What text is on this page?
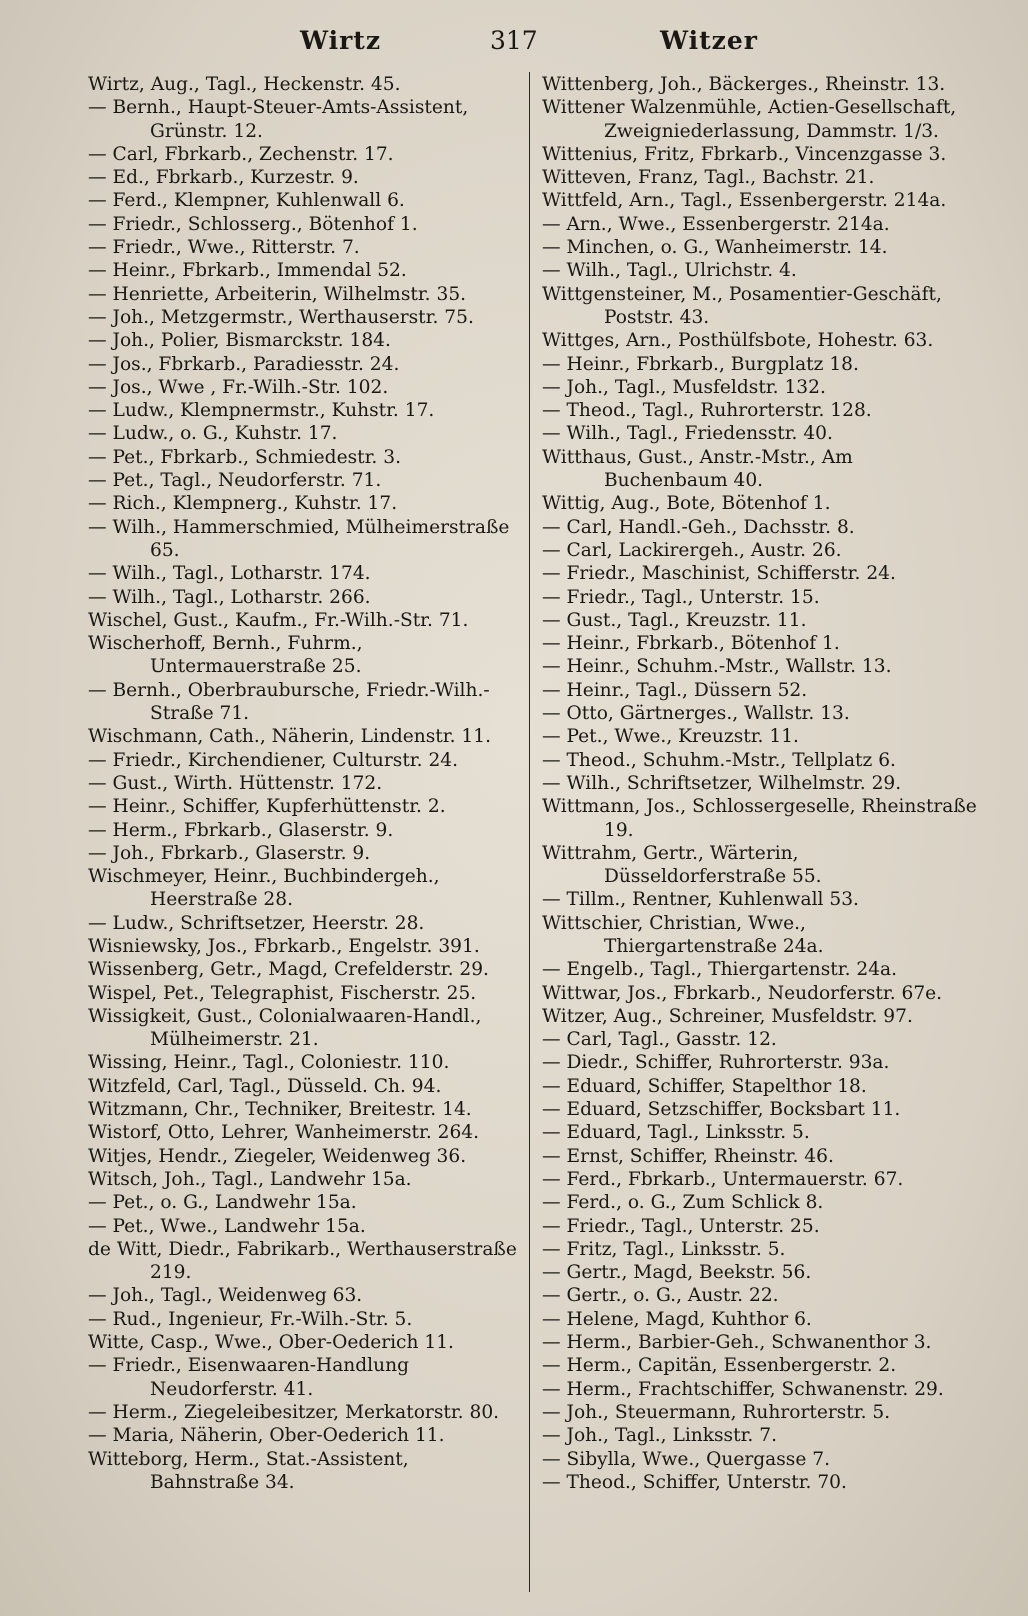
Wirtz	317	Witzer
Wirtz, Aug., Tagl., Heckenstr. 45.
— Bernh., Haupt-Steuer-Amts-Assistent, Grünstr. 12.
— Carl, Fbrkarb., Zechenstr. 17.
— Ed., Fbrkarb., Kurzestr. 9.
— Ferd., Klempner, Kuhlenwall 6.
— Friedr., Schlosserg., Bötenhof 1.
— Friedr., Wwe., Ritterstr. 7.
— Heinr., Fbrkarb., Immendal 52.
— Henriette, Arbeiterin, Wilhelmstr. 35.
— Joh., Metzgermstr., Werthauserstr. 75.
— Joh., Polier, Bismarckstr. 184.
— Jos., Fbrkarb., Paradiesstr. 24.
— Jos., Wwe , Fr.-Wilh.-Str. 102.
— Ludw., Klempnermstr., Kuhstr. 17.
— Ludw., o. G., Kuhstr. 17.
— Pet., Fbrkarb., Schmiedestr. 3.
— Pet., Tagl., Neudorferstr. 71.
— Rich., Klempnerg., Kuhstr. 17.
— Wilh., Hammerschmied, Mülheimerstraße 65.
— Wilh., Tagl., Lotharstr. 174.
— Wilh., Tagl., Lotharstr. 266.
Wischel, Gust., Kaufm., Fr.-Wilh.-Str. 71.
Wischerhoff, Bernh., Fuhrm., Untermauerstraße 25.
— Bernh., Oberbraubursche, Friedr.-Wilh.-Straße 71.
Wischmann, Cath., Näherin, Lindenstr. 11.
— Friedr., Kirchendiener, Culturstr. 24.
— Gust., Wirth. Hüttenstr. 172.
— Heinr., Schiffer, Kupferhüttenstr. 2.
— Herm., Fbrkarb., Glaserstr. 9.
— Joh., Fbrkarb., Glaserstr. 9.
Wischmeyer, Heinr., Buchbindergeh., Heerstraße 28.
— Ludw., Schriftsetzer, Heerstr. 28.
Wisniewsky, Jos., Fbrkarb., Engelstr. 391.
Wissenberg, Getr., Magd, Crefelderstr. 29.
Wispel, Pet., Telegraphist, Fischerstr. 25.
Wissigkeit, Gust., Colonialwaaren-Handl., Mülheimerstr. 21.
Wissing, Heinr., Tagl., Coloniestr. 110.
Witzfeld, Carl, Tagl., Düsseld. Ch. 94.
Witzmann, Chr., Techniker, Breitestr. 14.
Wistorf, Otto, Lehrer, Wanheimerstr. 264.
Witjes, Hendr., Ziegeler, Weidenweg 36.
Witsch, Joh., Tagl., Landwehr 15a.
— Pet., o. G., Landwehr 15a.
— Pet., Wwe., Landwehr 15a.
de Witt, Diedr., Fabrikarb., Werthauserstraße 219.
— Joh., Tagl., Weidenweg 63.
— Rud., Ingenieur, Fr.-Wilh.-Str. 5.
Witte, Casp., Wwe., Ober-Oederich 11.
— Friedr., Eisenwaaren-Handlung Neudorferstr. 41.
— Herm., Ziegeleibesitzer, Merkatorstr. 80.
— Maria, Näherin, Ober-Oederich 11.
Witteborg, Herm., Stat.-Assistent, Bahnstraße 34.
Wittenberg, Joh., Bäckerges., Rheinstr. 13.
Wittener Walzenmühle, Actien-Gesellschaft, Zweigniederlassung, Dammstr. 1/3.
Wittenius, Fritz, Fbrkarb., Vincenzgasse 3.
Witteven, Franz, Tagl., Bachstr. 21.
Wittfeld, Arn., Tagl., Essenbergerstr. 214a.
— Arn., Wwe., Essenbergerstr. 214a.
— Minchen, o. G., Wanheimerstr. 14.
— Wilh., Tagl., Ulrichstr. 4.
Wittgensteiner, M., Posamentier-Geschäft, Poststr. 43.
Wittges, Arn., Posthülfsbote, Hohestr. 63.
— Heinr., Fbrkarb., Burgplatz 18.
— Joh., Tagl., Musfeldstr. 132.
— Theod., Tagl., Ruhrorterstr. 128.
— Wilh., Tagl., Friedensstr. 40.
Witthaus, Gust., Anstr.-Mstr., Am Buchenbaum 40.
Wittig, Aug., Bote, Bötenhof 1.
— Carl, Handl.-Geh., Dachsstr. 8.
— Carl, Lackirergeh., Austr. 26.
— Friedr., Maschinist, Schifferstr. 24.
— Friedr., Tagl., Unterstr. 15.
— Gust., Tagl., Kreuzstr. 11.
— Heinr., Fbrkarb., Bötenhof 1.
— Heinr., Schuhm.-Mstr., Wallstr. 13.
— Heinr., Tagl., Düssern 52.
— Otto, Gärtnerges., Wallstr. 13.
— Pet., Wwe., Kreuzstr. 11.
— Theod., Schuhm.-Mstr., Tellplatz 6.
— Wilh., Schriftsetzer, Wilhelmstr. 29.
Wittmann, Jos., Schlossergeselle, Rheinstraße 19.
Wittrahm, Gertr., Wärterin, Düsseldorferstraße 55.
— Tillm., Rentner, Kuhlenwall 53.
Wittschier, Christian, Wwe., Thiergartenstraße 24a.
— Engelb., Tagl., Thiergartenstr. 24a.
Wittwar, Jos., Fbrkarb., Neudorferstr. 67e.
Witzer, Aug., Schreiner, Musfeldstr. 97.
— Carl, Tagl., Gasstr. 12.
— Diedr., Schiffer, Ruhrorterstr. 93a.
— Eduard, Schiffer, Stapelthor 18.
— Eduard, Setzschiffer, Bocksbart 11.
— Eduard, Tagl., Linksstr. 5.
— Ernst, Schiffer, Rheinstr. 46.
— Ferd., Fbrkarb., Untermauerstr. 67.
— Ferd., o. G., Zum Schlick 8.
— Friedr., Tagl., Unterstr. 25.
— Fritz, Tagl., Linksstr. 5.
— Gertr., Magd, Beekstr. 56.
— Gertr., o. G., Austr. 22.
— Helene, Magd, Kuhthor 6.
— Herm., Barbier-Geh., Schwanenthor 3.
— Herm., Capitän, Essenbergerstr. 2.
— Herm., Frachtschiffer, Schwanenstr. 29.
— Joh., Steuermann, Ruhrorterstr. 5.
— Joh., Tagl., Linksstr. 7.
— Sibylla, Wwe., Quergasse 7.
— Theod., Schiffer, Unterstr. 70.
